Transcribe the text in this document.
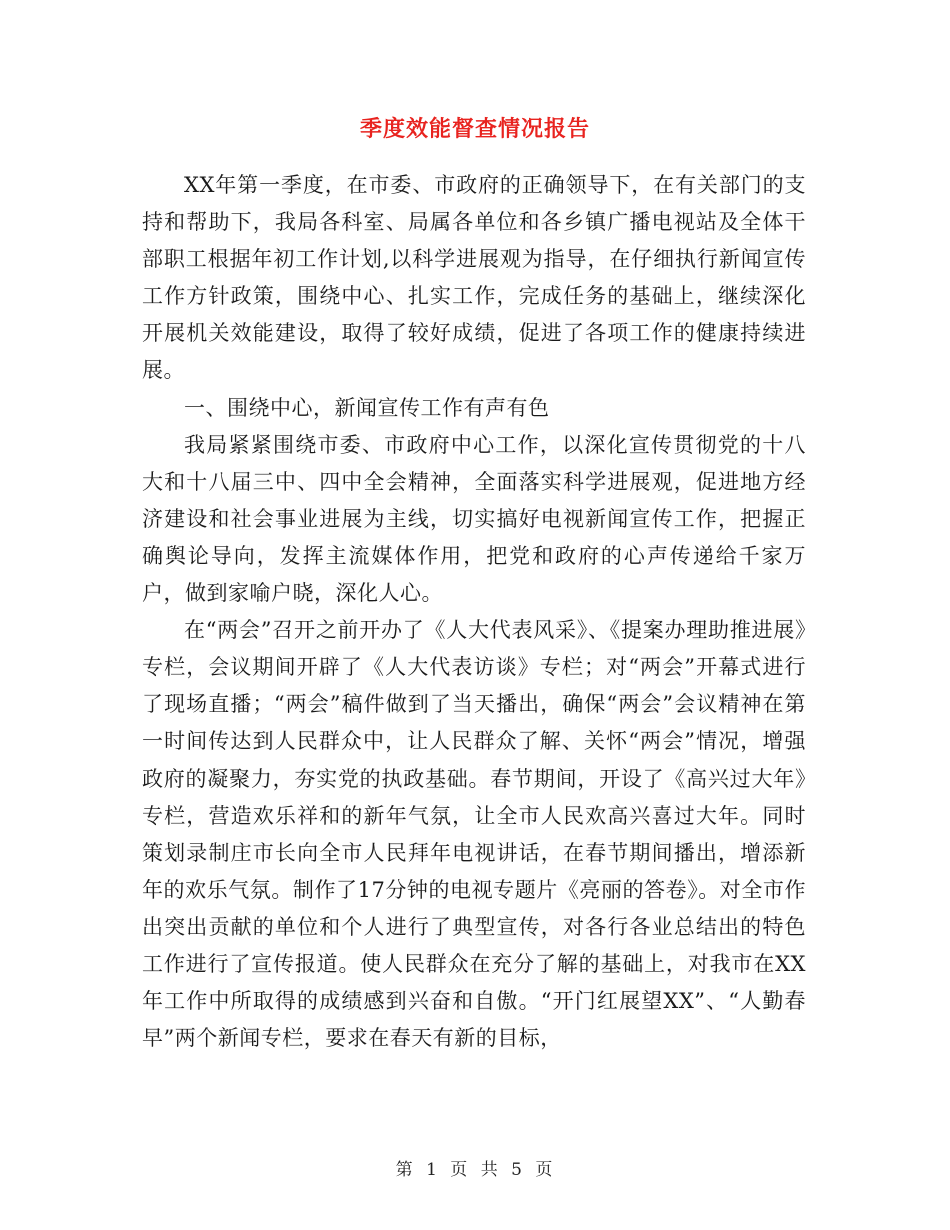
季度效能督查情况报告

XX年第一季度，在市委、市政府的正确领导下，在有关部门的支持和帮助下，我局各科室、局属各单位和各乡镇广播电视站及全体干部职工根据年初工作计划,以科学进展观为指导，在仔细执行新闻宣传工作方针政策，围绕中心、扎实工作，完成任务的基础上，继续深化开展机关效能建设，取得了较好成绩，促进了各项工作的健康持续进展。

一、围绕中心，新闻宣传工作有声有色

我局紧紧围绕市委、市政府中心工作，以深化宣传贯彻党的十八大和十八届三中、四中全会精神，全面落实科学进展观，促进地方经济建设和社会事业进展为主线，切实搞好电视新闻宣传工作，把握正确舆论导向，发挥主流媒体作用，把党和政府的心声传递给千家万户，做到家喻户晓，深化人心。

在“两会”召开之前开办了《人大代表风采》、《提案办理助推进展》专栏，会议期间开辟了《人大代表访谈》专栏；对“两会”开幕式进行了现场直播；“两会”稿件做到了当天播出，确保“两会”会议精神在第一时间传达到人民群众中，让人民群众了解、关怀“两会”情况，增强政府的凝聚力，夯实党的执政基础。春节期间，开设了《高兴过大年》专栏，营造欢乐祥和的新年气氛，让全市人民欢高兴喜过大年。同时策划录制庄市长向全市人民拜年电视讲话，在春节期间播出，增添新年的欢乐气氛。制作了17分钟的电视专题片《亮丽的答卷》。对全市作出突出贡献的单位和个人进行了典型宣传，对各行各业总结出的特色工作进行了宣传报道。使人民群众在充分了解的基础上，对我市在XX年工作中所取得的成绩感到兴奋和自傲。“开门红展望XX”、“人勤春早”两个新闻专栏，要求在春天有新的目标，

第 1 页 共 5 页
